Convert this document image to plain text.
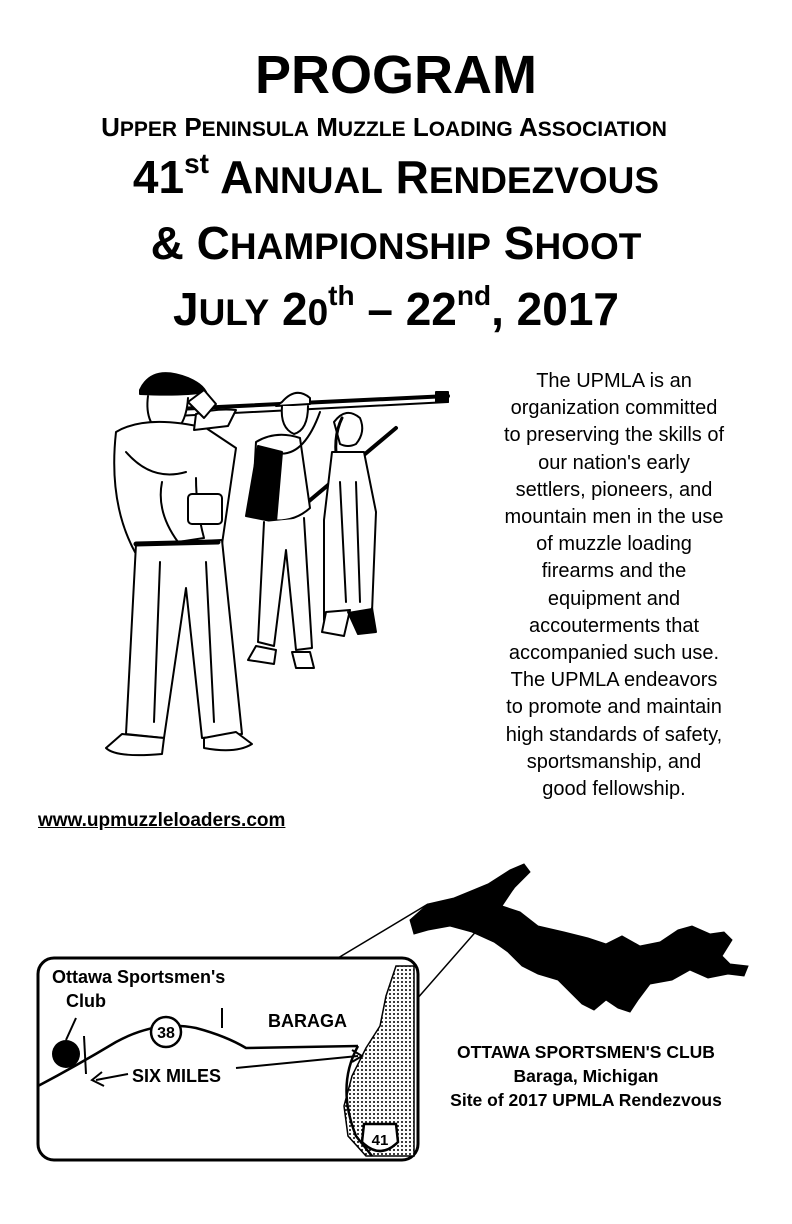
PROGRAM
UPPER PENINSULA MUZZLE LOADING ASSOCIATION
41st ANNUAL RENDEZVOUS
& CHAMPIONSHIP SHOOT
JULY 20th – 22nd, 2017
The UPMLA is an
organization committed
to preserving the skills of
our nation's early
settlers, pioneers, and
mountain men in the use
of muzzle loading
firearms and the
equipment and
accouterments that
accompanied such use.
The UPMLA endeavors
to promote and maintain
high standards of safety,
sportsmanship, and
good fellowship.
www.upmuzzleloaders.com
38
41
Ottawa Sportsmen's
Club
BARAGA
SIX MILES
OTTAWA SPORTSMEN'S CLUB
Baraga, Michigan
Site of 2017 UPMLA Rendezvous
